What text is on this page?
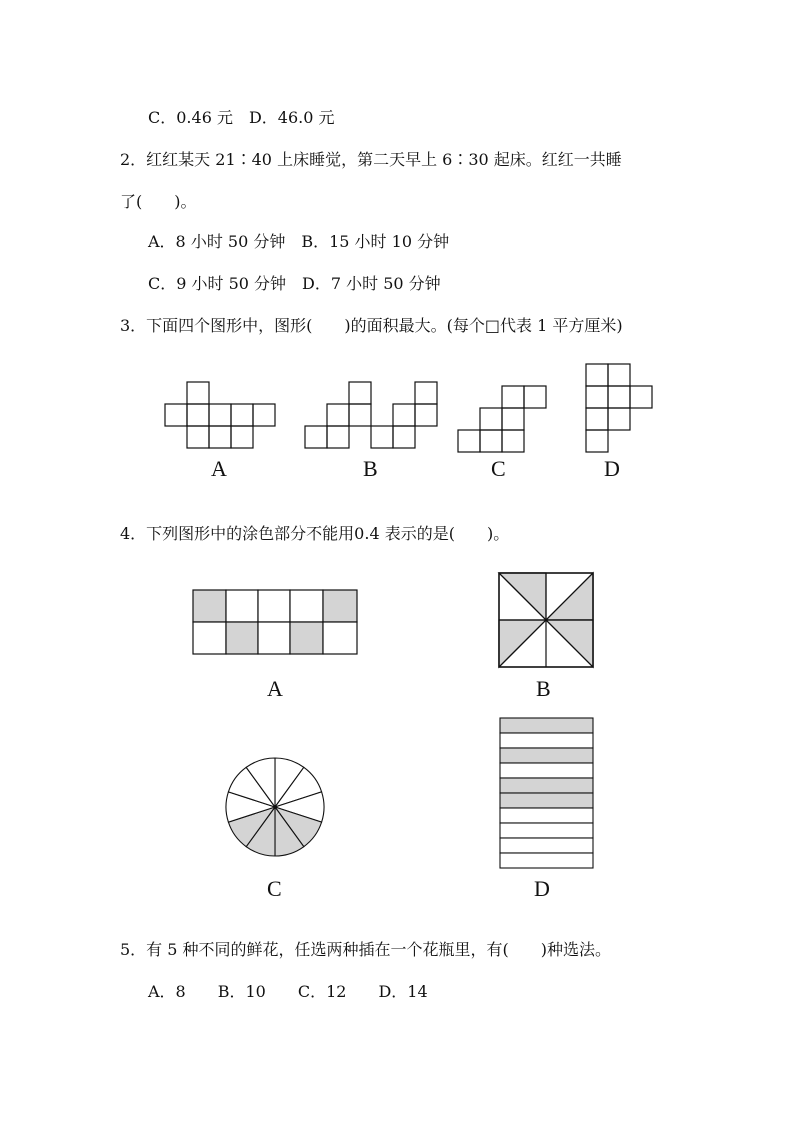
C．0.46 元　D．46.0 元
2．红红某天 21∶40 上床睡觉，第二天早上 6∶30 起床。红红一共睡
了(　　)。
A．8 小时 50 分钟　B．15 小时 10 分钟
C．9 小时 50 分钟　D．7 小时 50 分钟
3．下面四个图形中，图形(　　)的面积最大。(每个□代表 1 平方厘米)
A	B	C	D
4．下列图形中的涂色部分不能用0.4 表示的是(　　)。
A	B
C	D
5．有 5 种不同的鲜花，任选两种插在一个花瓶里，有(　　)种选法。
A．8　　B．10　　C．12　　D．14
